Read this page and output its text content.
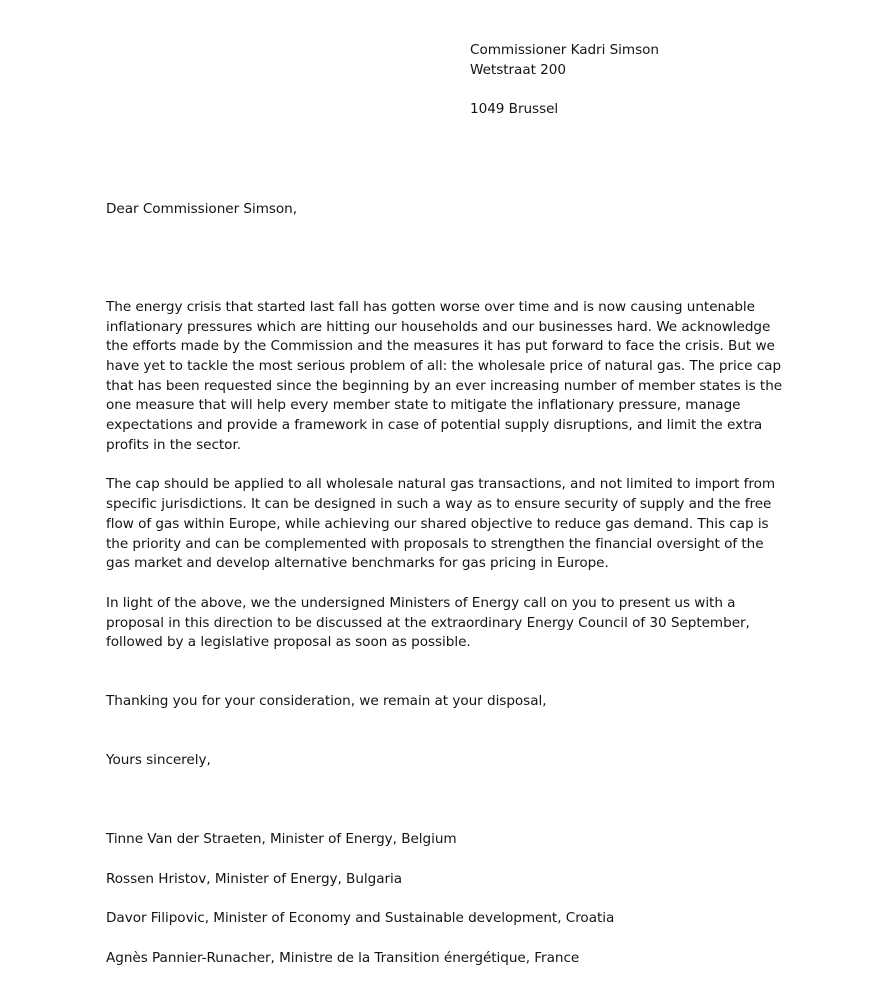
Commissioner Kadri Simson
Wetstraat 200
1049 Brussel
Dear Commissioner Simson,
The energy crisis that started last fall has gotten worse over time and is now causing untenable
inflationary pressures which are hitting our households and our businesses hard. We acknowledge
the efforts made by the Commission and the measures it has put forward to face the crisis. But we
have yet to tackle the most serious problem of all: the wholesale price of natural gas. The price cap
that has been requested since the beginning by an ever increasing number of member states is the
one measure that will help every member state to mitigate the inflationary pressure, manage
expectations and provide a framework in case of potential supply disruptions, and limit the extra
profits in the sector.
The cap should be applied to all wholesale natural gas transactions, and not limited to import from
specific jurisdictions. It can be designed in such a way as to ensure security of supply and the free
flow of gas within Europe, while achieving our shared objective to reduce gas demand. This cap is
the priority and can be complemented with proposals to strengthen the financial oversight of the
gas market and develop alternative benchmarks for gas pricing in Europe.
In light of the above, we the undersigned Ministers of Energy call on you to present us with a
proposal in this direction to be discussed at the extraordinary Energy Council of 30 September,
followed by a legislative proposal as soon as possible.
Thanking you for your consideration, we remain at your disposal,
Yours sincerely,
Tinne Van der Straeten, Minister of Energy, Belgium
Rossen Hristov, Minister of Energy, Bulgaria
Davor Filipovic, Minister of Economy and Sustainable development, Croatia
Agnès Pannier-Runacher, Ministre de la Transition énergétique, France
